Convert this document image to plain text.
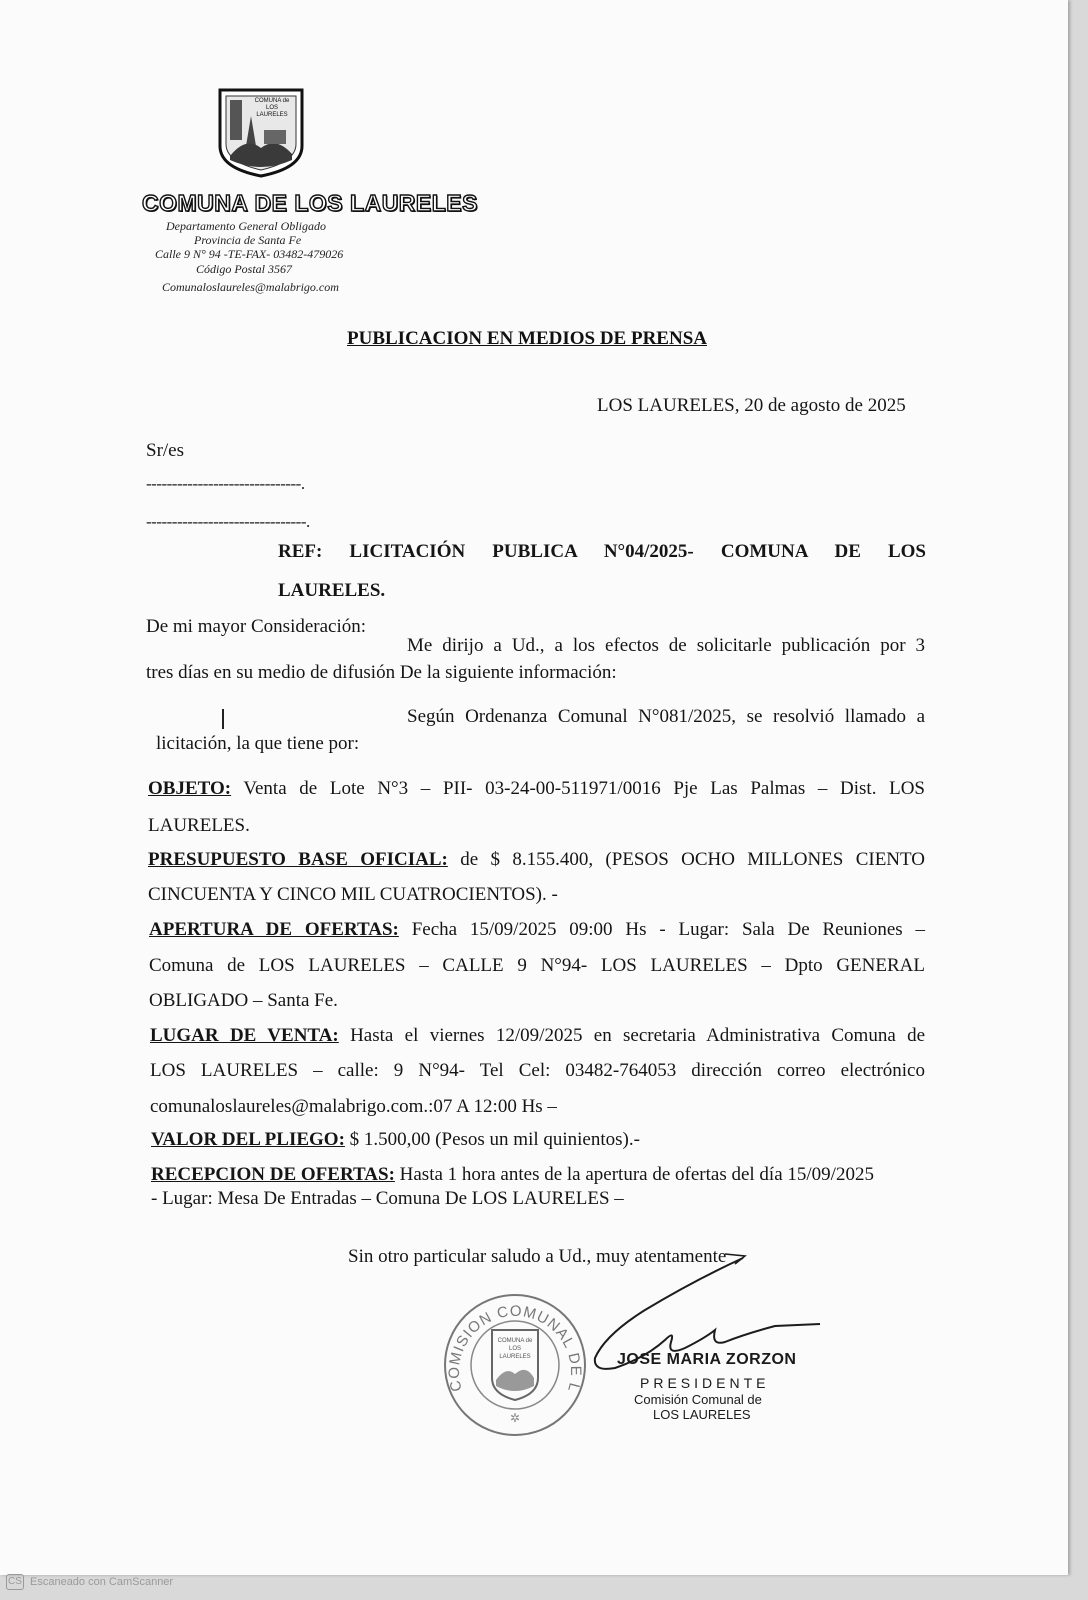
COMUNA de
LOS
LAURELES
COMUNA DE LOS LAURELES
Departamento General Obligado
Provincia de Santa Fe
Calle 9 N° 94 -TE-FAX- 03482-479026
Código Postal 3567
Comunaloslaureles@malabrigo.com
PUBLICACION EN MEDIOS DE PRENSA
LOS LAURELES, 20 de agosto de 2025
Sr/es
------------------------------.
-------------------------------.
REF: LICITACIÓN PUBLICA N°04/2025- COMUNA DE LOS
LAURELES.
De mi mayor Consideración:
Me dirijo a Ud., a los efectos de solicitarle publicación por 3
tres días en su medio de difusión De la siguiente información:
Según Ordenanza Comunal N°081/2025, se resolvió llamado a
licitación, la que tiene por:
OBJETO: Venta de Lote N°3 – PII- 03-24-00-511971/0016 Pje Las Palmas – Dist. LOS
LAURELES.
PRESUPUESTO BASE OFICIAL: de $ 8.155.400, (PESOS OCHO MILLONES CIENTO
CINCUENTA Y CINCO MIL CUATROCIENTOS). -
APERTURA DE OFERTAS: Fecha 15/09/2025 09:00 Hs - Lugar: Sala De Reuniones –
Comuna de LOS LAURELES – CALLE 9 N°94- LOS LAURELES – Dpto GENERAL
OBLIGADO – Santa Fe.
LUGAR DE VENTA: Hasta el viernes 12/09/2025 en secretaria Administrativa Comuna de
LOS LAURELES – calle: 9 N°94- Tel Cel: 03482-764053 dirección correo electrónico
comunaloslaureles@malabrigo.com.:07 A 12:00 Hs –
VALOR DEL PLIEGO: $ 1.500,00 (Pesos un mil quinientos).-
RECEPCION DE OFERTAS: Hasta 1 hora antes de la apertura de ofertas del día 15/09/2025
- Lugar: Mesa De Entradas – Comuna De LOS LAURELES –
Sin otro particular saludo a Ud., muy atentamente
COMUNA de
LOS
LAURELES
✲
COMISION COMUNAL DE L
JOSE MARIA ZORZON
PRESIDENTE
Comisión Comunal de
LOS LAURELES
CS Escaneado con CamScanner
